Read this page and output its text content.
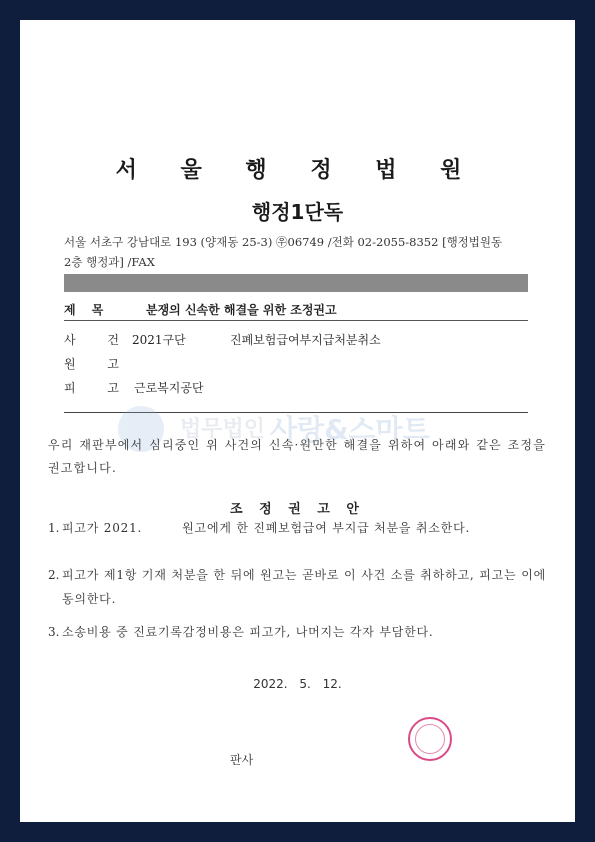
서 울 행 정 법 원
행정1단독
서울 서초구 강남대로 193 (양재동 25-3) ㉾06749 /전화 02-2055-8352 [행정법원동
2층 행정과] /FAX
제 목	분쟁의 신속한 해결을 위한 조정권고
사 건 2021구단	진폐보험급여부지급처분취소
원 고
피 고 근로복지공단
법무법인 사랑&스마트
우리 재판부에서 심리중인 위 사건의 신속·원만한 해결을 위하여 아래와 같은 조정을 권고합니다.
조 정 권 고 안
1. 피고가 2021.	원고에게 한 진폐보험급여 부지급 처분을 취소한다.
2. 피고가 제1항 기재 처분을 한 뒤에 원고는 곧바로 이 사건 소를 취하하고, 피고는 이에 동의한다.
3. 소송비용 중 진료기록감정비용은 피고가, 나머지는 각자 부담한다.
2022. 5. 12.
판사
